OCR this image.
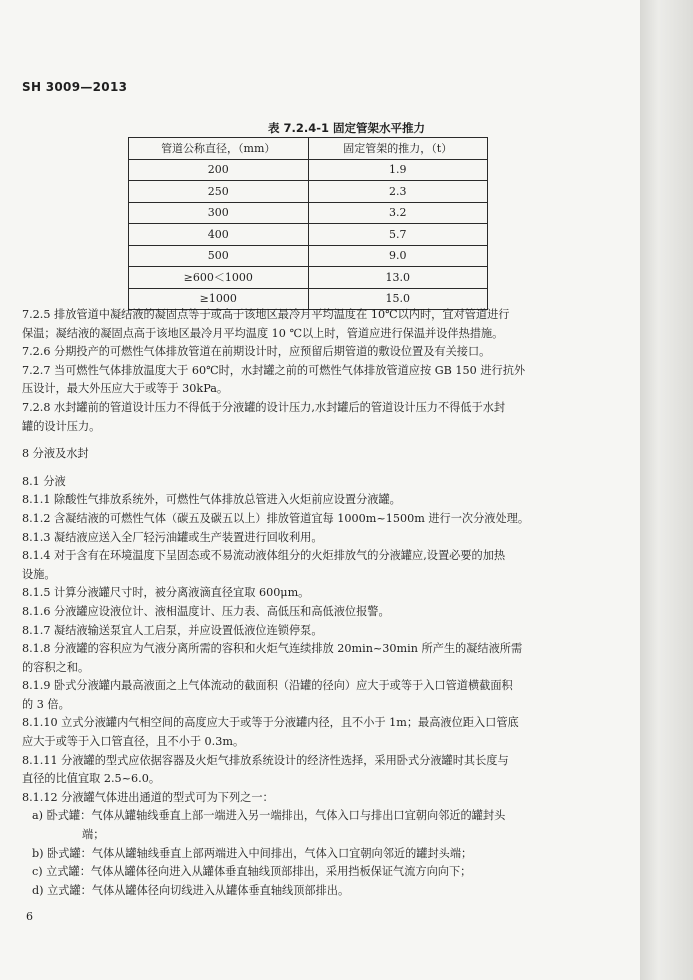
SH 3009—2013
表 7.2.4-1 固定管架水平推力
管道公称直径，（mm）	固定管架的推力，（t）
200	1.9
250	2.3
300	3.2
400	5.7
500	9.0
≥600＜1000	13.0
≥1000	15.0

7.2.5 排放管道中凝结液的凝固点等于或高于该地区最冷月平均温度在 10℃以内时，宜对管道进行

保温；凝结液的凝固点高于该地区最冷月平均温度 10 ℃以上时，管道应进行保温并设伴热措施。

7.2.6 分期投产的可燃性气体排放管道在前期设计时，应预留后期管道的敷设位置及有关接口。

7.2.7 当可燃性气体排放温度大于 60℃时，水封罐之前的可燃性气体排放管道应按 GB 150 进行抗外

压设计，最大外压应大于或等于 30kPa。

7.2.8 水封罐前的管道设计压力不得低于分液罐的设计压力,水封罐后的管道设计压力不得低于水封

罐的设计压力。

8 分液及水封

8.1 分液

8.1.1 除酸性气排放系统外，可燃性气体排放总管进入火炬前应设置分液罐。

8.1.2 含凝结液的可燃性气体（碳五及碳五以上）排放管道宜每 1000m~1500m 进行一次分液处理。

8.1.3 凝结液应送入全厂轻污油罐或生产装置进行回收利用。

8.1.4 对于含有在环境温度下呈固态或不易流动液体组分的火炬排放气的分液罐应,设置必要的加热

设施。

8.1.5 计算分液罐尺寸时，被分离液滴直径宜取 600μm。

8.1.6 分液罐应设液位计、液相温度计、压力表、高低压和高低液位报警。

8.1.7 凝结液输送泵宜人工启泵，并应设置低液位连锁停泵。

8.1.8 分液罐的容积应为气液分离所需的容积和火炬气连续排放 20min~30min 所产生的凝结液所需

的容积之和。

8.1.9 卧式分液罐内最高液面之上气体流动的截面积（沿罐的径向）应大于或等于入口管道横截面积

的 3 倍。

8.1.10 立式分液罐内气相空间的高度应大于或等于分液罐内径，且不小于 1m；最高液位距入口管底

应大于或等于入口管直径，且不小于 0.3m。

8.1.11 分液罐的型式应依据容器及火炬气排放系统设计的经济性选择，采用卧式分液罐时其长度与

直径的比值宜取 2.5~6.0。

8.1.12 分液罐气体进出通道的型式可为下列之一：

a) 卧式罐：气体从罐轴线垂直上部一端进入另一端排出，气体入口与排出口宜朝向邻近的罐封头

端；

b) 卧式罐：气体从罐轴线垂直上部两端进入中间排出，气体入口宜朝向邻近的罐封头端；

c) 立式罐：气体从罐体径向进入从罐体垂直轴线顶部排出，采用挡板保证气流方向向下；

d) 立式罐：气体从罐体径向切线进入从罐体垂直轴线顶部排出。

6
